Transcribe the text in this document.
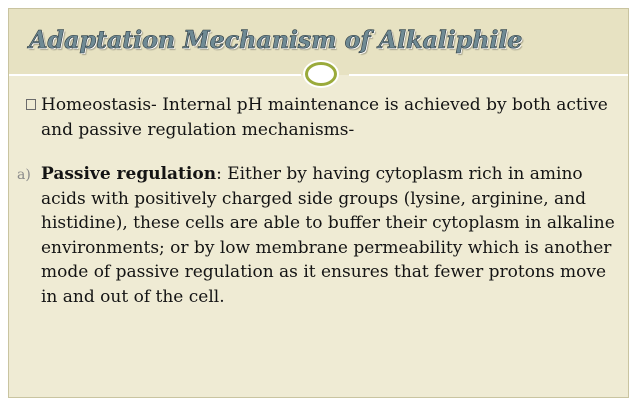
Adaptation Mechanism of Alkaliphile
Homeostasis- Internal pH maintenance is achieved by both active and passive regulation mechanisms-
a) Passive regulation: Either by having cytoplasm rich in amino acids with positively charged side groups (lysine, arginine, and histidine), these cells are able to buffer their cytoplasm in alkaline environments; or by low membrane permeability which is another mode of passive regulation as it ensures that fewer protons move in and out of the cell.
